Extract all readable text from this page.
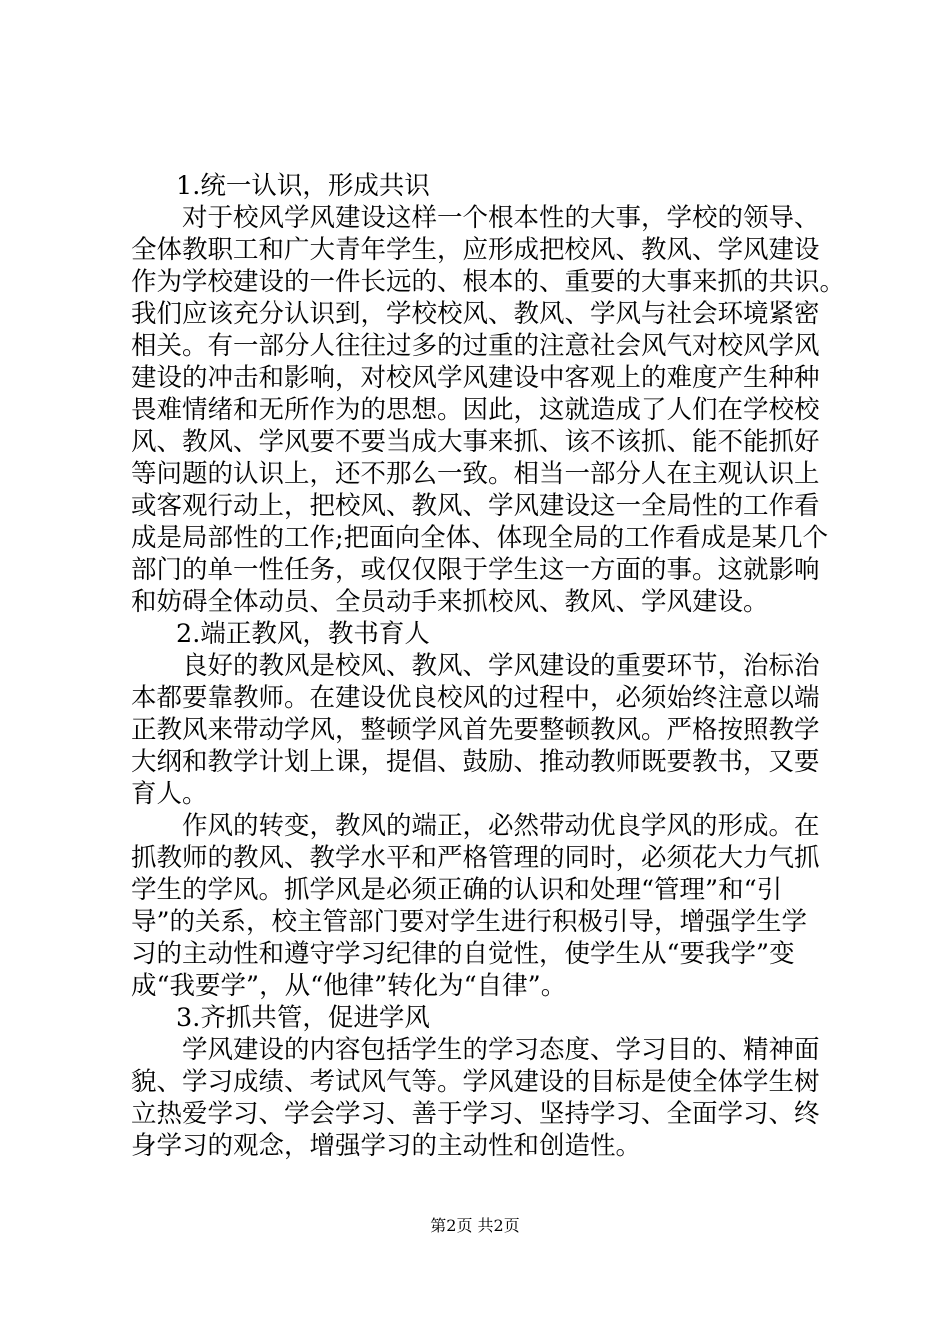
1.统一认识，形成共识
对于校风学风建设这样一个根本性的大事，学校的领导、
全体教职工和广大青年学生，应形成把校风、教风、学风建设
作为学校建设的一件长远的、根本的、重要的大事来抓的共识。
我们应该充分认识到，学校校风、教风、学风与社会环境紧密
相关。有一部分人往往过多的过重的注意社会风气对校风学风
建设的冲击和影响，对校风学风建设中客观上的难度产生种种
畏难情绪和无所作为的思想。因此，这就造成了人们在学校校
风、教风、学风要不要当成大事来抓、该不该抓、能不能抓好
等问题的认识上，还不那么一致。相当一部分人在主观认识上
或客观行动上，把校风、教风、学风建设这一全局性的工作看
成是局部性的工作;把面向全体、体现全局的工作看成是某几个
部门的单一性任务，或仅仅限于学生这一方面的事。这就影响
和妨碍全体动员、全员动手来抓校风、教风、学风建设。
2.端正教风，教书育人
良好的教风是校风、教风、学风建设的重要环节，治标治
本都要靠教师。在建设优良校风的过程中，必须始终注意以端
正教风来带动学风，整顿学风首先要整顿教风。严格按照教学
大纲和教学计划上课，提倡、鼓励、推动教师既要教书，又要
育人。
作风的转变，教风的端正，必然带动优良学风的形成。在
抓教师的教风、教学水平和严格管理的同时，必须花大力气抓
学生的学风。抓学风是必须正确的认识和处理“管理”和“引
导”的关系，校主管部门要对学生进行积极引导，增强学生学
习的主动性和遵守学习纪律的自觉性，使学生从“要我学”变
成“我要学”，从“他律”转化为“自律”。
3.齐抓共管，促进学风
学风建设的内容包括学生的学习态度、学习目的、精神面
貌、学习成绩、考试风气等。学风建设的目标是使全体学生树
立热爱学习、学会学习、善于学习、坚持学习、全面学习、终
身学习的观念，增强学习的主动性和创造性。
第2页 共2页
